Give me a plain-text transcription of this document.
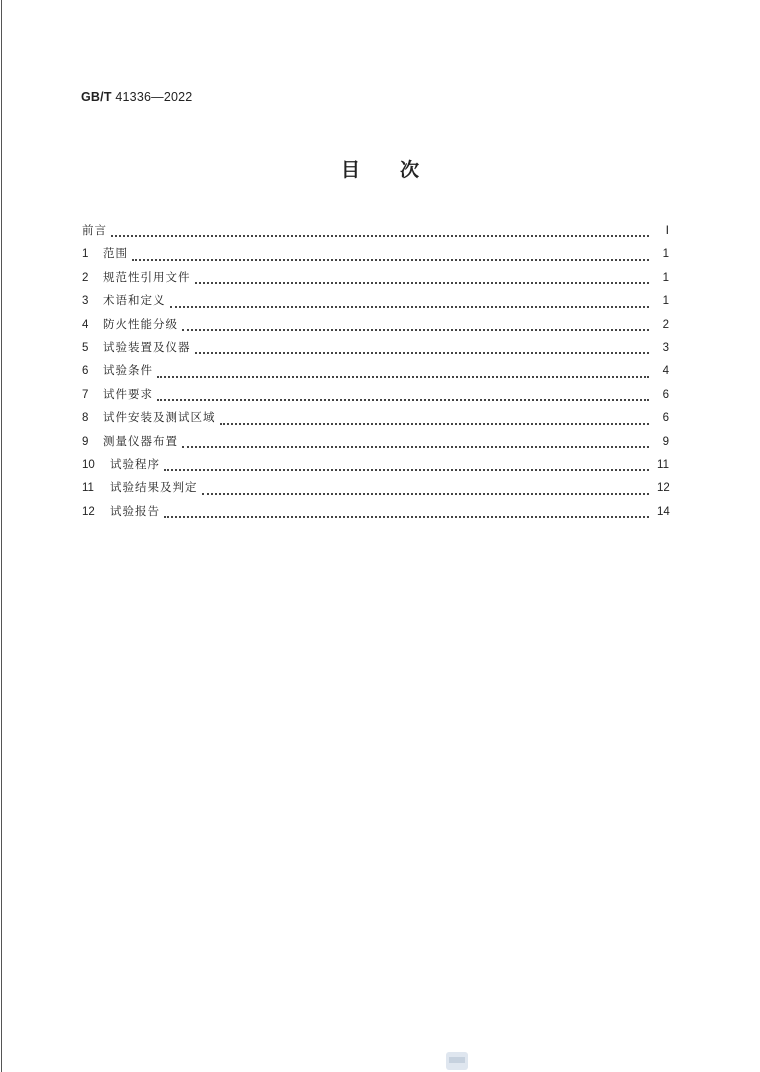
GB/T 41336—2022
目次
前言	Ⅰ
1	范围	1
2	规范性引用文件	1
3	术语和定义	1
4	防火性能分级	2
5	试验装置及仪器	3
6	试验条件	4
7	试件要求	6
8	试件安装及测试区域	6
9	测量仪器布置	9
10	试验程序	11
11	试验结果及判定	12
12	试验报告	14
